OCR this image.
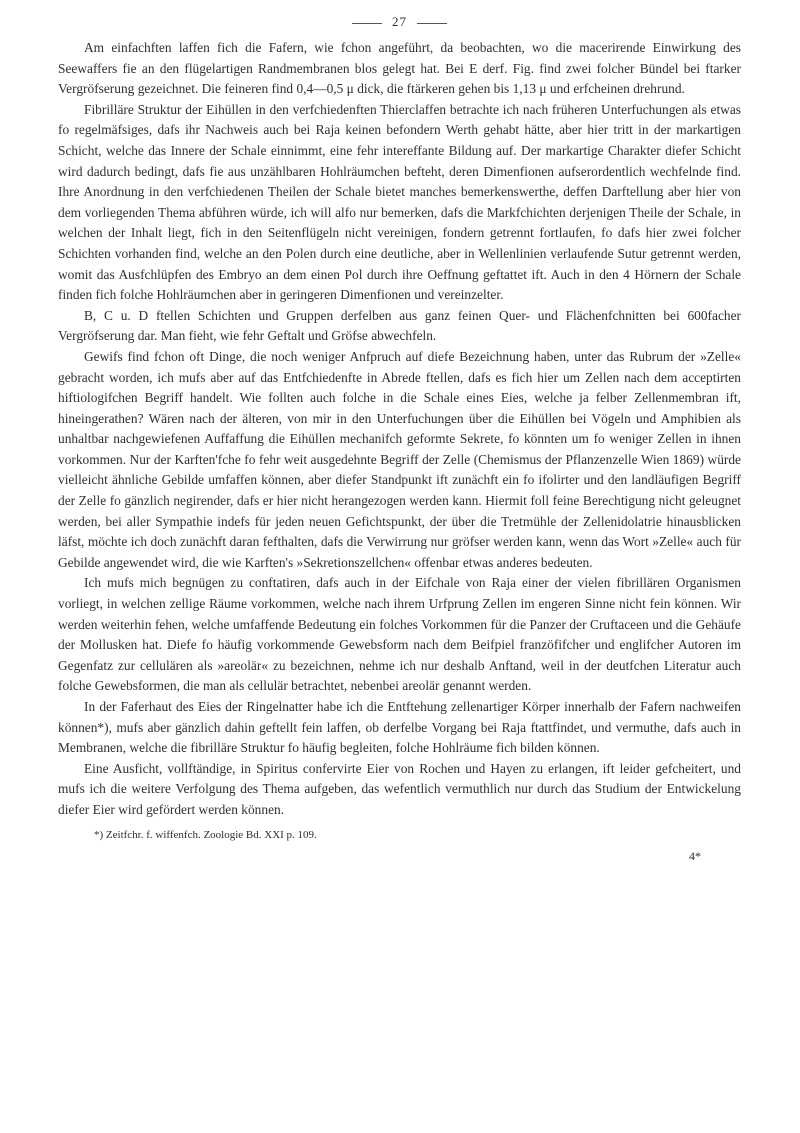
27

Am einfachften laffen fich die Fafern, wie fchon angeführt, da beobachten, wo die macerirende Einwirkung des Seewaffers fie an den flügelartigen Randmembranen blos gelegt hat. Bei E derf. Fig. find zwei folcher Bündel bei ftarker Vergröfserung gezeichnet. Die feineren find 0,4—0,5 μ dick, die ftärkeren gehen bis 1,13 μ und erfcheinen drehrund.

Fibrilläre Struktur der Eihüllen in den verfchiedenften Thierclaffen betrachte ich nach früheren Unterfuchungen als etwas fo regelmäfsiges, dafs ihr Nachweis auch bei Raja keinen befondern Werth gehabt hätte, aber hier tritt in der markartigen Schicht, welche das Innere der Schale einnimmt, eine fehr intereffante Bildung auf. Der markartige Charakter diefer Schicht wird dadurch bedingt, dafs fie aus unzählbaren Hohlräumchen befteht, deren Dimenfionen aufserordentlich wechfelnde find. Ihre Anordnung in den verfchiedenen Theilen der Schale bietet manches bemerkenswerthe, deffen Darftellung aber hier von dem vorliegenden Thema abführen würde, ich will alfo nur bemerken, dafs die Markfchichten derjenigen Theile der Schale, in welchen der Inhalt liegt, fich in den Seitenflügeln nicht vereinigen, fondern getrennt fortlaufen, fo dafs hier zwei folcher Schichten vorhanden find, welche an den Polen durch eine deutliche, aber in Wellenlinien verlaufende Sutur getrennt werden, womit das Ausfchlüpfen des Embryo an dem einen Pol durch ihre Oeffnung geftattet ift. Auch in den 4 Hörnern der Schale finden fich folche Hohlräumchen aber in geringeren Dimenfionen und vereinzelter.

B, C u. D ftellen Schichten und Gruppen derfelben aus ganz feinen Quer- und Flächenfchnitten bei 600facher Vergröfserung dar. Man fieht, wie fehr Geftalt und Gröfse abwechfeln.

Gewifs find fchon oft Dinge, die noch weniger Anfpruch auf diefe Bezeichnung haben, unter das Rubrum der »Zelle« gebracht worden, ich mufs aber auf das Entfchiedenfte in Abrede ftellen, dafs es fich hier um Zellen nach dem acceptirten hiftiologifchen Begriff handelt. Wie follten auch folche in die Schale eines Eies, welche ja felber Zellenmembran ift, hineingerathen? Wären nach der älteren, von mir in den Unterfuchungen über die Eihüllen bei Vögeln und Amphibien als unhaltbar nachgewiefenen Auffaffung die Eihüllen mechanifch geformte Sekrete, fo könnten um fo weniger Zellen in ihnen vorkommen. Nur der Karften'fche fo fehr weit ausgedehnte Begriff der Zelle (Chemismus der Pflanzenzelle Wien 1869) würde vielleicht ähnliche Gebilde umfaffen können, aber diefer Standpunkt ift zunächft ein fo ifolirter und den landläufigen Begriff der Zelle fo gänzlich negirender, dafs er hier nicht herangezogen werden kann. Hiermit foll feine Berechtigung nicht geleugnet werden, bei aller Sympathie indefs für jeden neuen Gefichtspunkt, der über die Tretmühle der Zellenidolatrie hinausblicken läfst, möchte ich doch zunächft daran fefthalten, dafs die Verwirrung nur gröfser werden kann, wenn das Wort »Zelle« auch für Gebilde angewendet wird, die wie Karften's »Sekretionszellchen« offenbar etwas anderes bedeuten.

Ich mufs mich begnügen zu conftatiren, dafs auch in der Eifchale von Raja einer der vielen fibrillären Organismen vorliegt, in welchen zellige Räume vorkommen, welche nach ihrem Urfprung Zellen im engeren Sinne nicht fein können. Wir werden weiterhin fehen, welche umfaffende Bedeutung ein folches Vorkommen für die Panzer der Cruftaceen und die Gehäufe der Mollusken hat. Diefe fo häufig vorkommende Gewebsform nach dem Beifpiel franzöfifcher und englifcher Autoren im Gegenfatz zur cellulären als »areolär« zu bezeichnen, nehme ich nur deshalb Anftand, weil in der deutfchen Literatur auch folche Gewebsformen, die man als cellulär betrachtet, nebenbei areolär genannt werden.

In der Faferhaut des Eies der Ringelnatter habe ich die Entftehung zellenartiger Körper innerhalb der Fafern nachweifen können*), mufs aber gänzlich dahin geftellt fein laffen, ob derfelbe Vorgang bei Raja ftattfindet, und vermuthe, dafs auch in Membranen, welche die fibrilläre Struktur fo häufig begleiten, folche Hohlräume fich bilden können.

Eine Ausficht, vollftändige, in Spiritus confervirte Eier von Rochen und Hayen zu erlangen, ift leider gefcheitert, und mufs ich die weitere Verfolgung des Thema aufgeben, das wefentlich vermuthlich nur durch das Studium der Entwickelung diefer Eier wird gefördert werden können.

*) Zeitfchr. f. wiffenfch. Zoologie Bd. XXI p. 109.
4*
